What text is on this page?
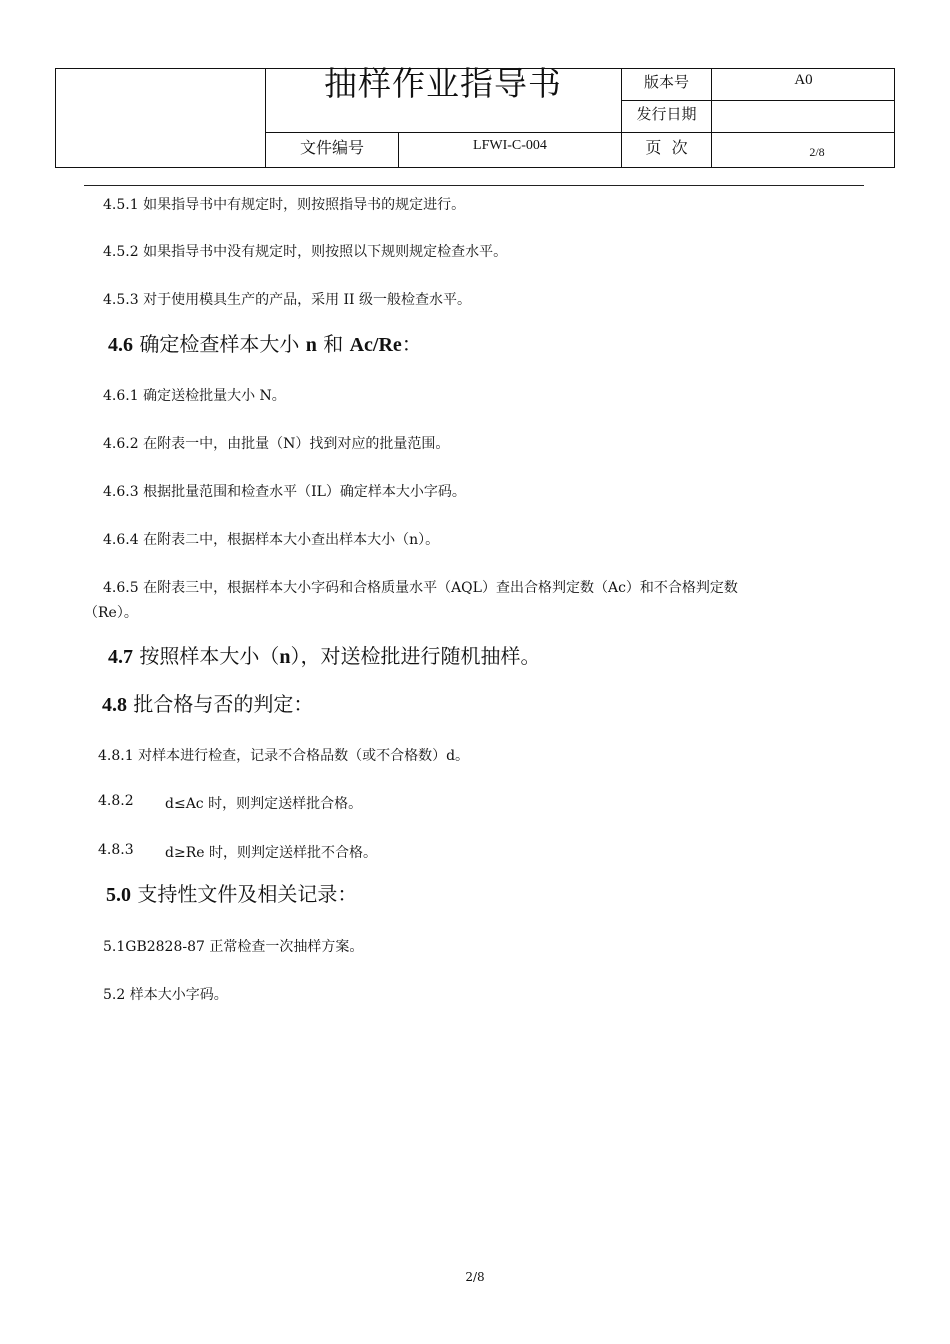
抽样作业指导书	版本号	A0
发行日期
文件编号	LFWI-C-004	页  次	2/8
4.5.1 如果指导书中有规定时，则按照指导书的规定进行。
4.5.2 如果指导书中没有规定时，则按照以下规则规定检查水平。
4.5.3 对于使用模具生产的产品，采用 II 级一般检查水平。
4.6 确定检查样本大小 n 和 Ac/Re：
4.6.1 确定送检批量大小 N。
4.6.2 在附表一中，由批量（N）找到对应的批量范围。
4.6.3 根据批量范围和检查水平（IL）确定样本大小字码。
4.6.4 在附表二中，根据样本大小查出样本大小（n）。
4.6.5 在附表三中，根据样本大小字码和合格质量水平（AQL）查出合格判定数（Ac）和不合格判定数
（Re）。
4.7 按照样本大小（n），对送检批进行随机抽样。
4.8 批合格与否的判定：
4.8.1 对样本进行检查，记录不合格品数（或不合格数）d。
4.8.2 d≤Ac 时，则判定送样批合格。
4.8.3 d≥Re 时，则判定送样批不合格。
5.0 支持性文件及相关记录：
5.1GB2828-87 正常检查一次抽样方案。
5.2 样本大小字码。
2/8
